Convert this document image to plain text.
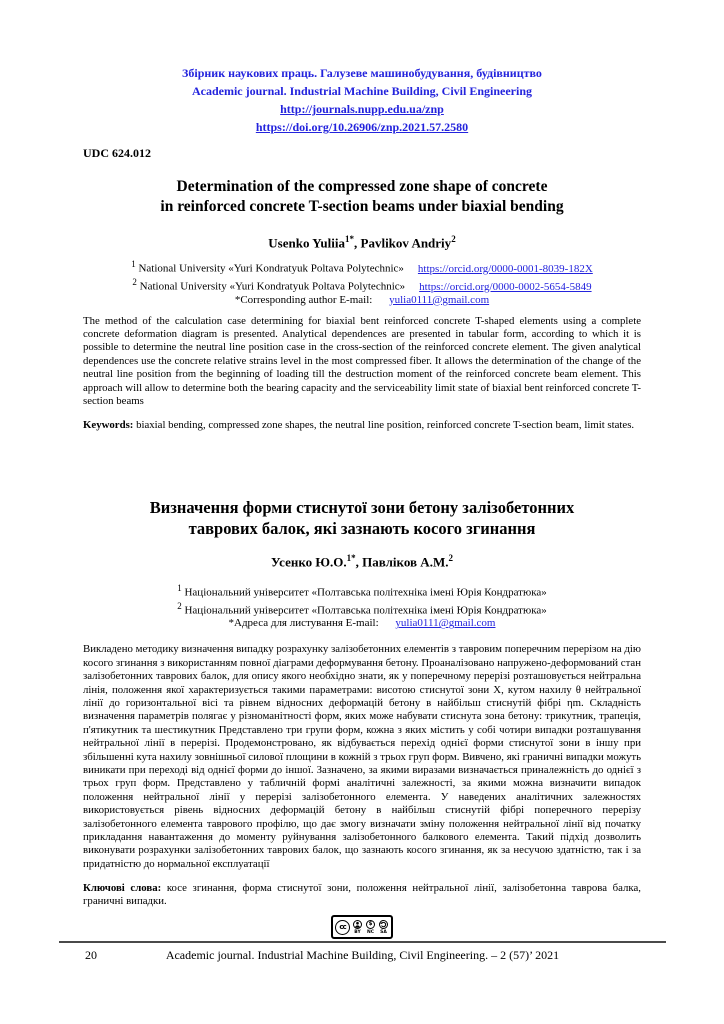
Збірник наукових праць. Галузеве машинобудування, будівництво
Academic journal. Industrial Machine Building, Civil Engineering
http://journals.nupp.edu.ua/znp
https://doi.org/10.26906/znp.2021.57.2580
UDC 624.012
Determination of the compressed zone shape of concrete
in reinforced concrete T-section beams under biaxial bending
Usenko Yuliia$^{1*}$, Pavlikov Andriy$^2$
$^1$ National University «Yuri Kondratyuk Poltava Polytechnic» https://orcid.org/0000-0001-8039-182X
$^2$ National University «Yuri Kondratyuk Poltava Polytechnic» https://orcid.org/0000-0002-5654-5849
*Corresponding author E-mail: yulia0111@gmail.com

The method of the calculation case determining for biaxial bent reinforced concrete T-shaped elements using a complete concrete deformation diagram is presented. Analytical dependences are presented in tabular form, according to which it is possible to determine the neutral line position case in the cross-section of the reinforced concrete element. The given analytical dependences use the concrete relative strains level in the most compressed fiber. It allows the determination of the change of the neutral line position from the beginning of loading till the destruction moment of the reinforced concrete beam element. This approach will allow to determine both the bearing capacity and the serviceability limit state of biaxial bent reinforced concrete T-section beams

Keywords: biaxial bending, compressed zone shapes, the neutral line position, reinforced concrete T-section beam, limit states.

Визначення форми стиснутої зони бетону залізобетонних
таврових балок, які зазнають косого згинання
Усенко Ю.О.$^{1*}$, Павліков А.М.$^2$
$^1$ Національний університет «Полтавська політехніка імені Юрія Кондратюка»
$^2$ Національний університет «Полтавська політехніка імені Юрія Кондратюка»
*Адреса для листування E-mail: yulia0111@gmail.com

Викладено методику визначення випадку розрахунку залізобетонних елементів з тавровим поперечним перерізом на дію косого згинання з використанням повної діаграми деформування бетону. Проаналізовано напружено-деформований стан залізобетонних таврових балок, для опису якого необхідно знати, як у поперечному перерізі розташовується нейтральна лінія, положення якої характеризується такими параметрами: висотою стиснутої зони X, кутом нахилу θ нейтральної лінії до горизонтальної вісі та рівнем відносних деформацій бетону в найбільш стиснутій фібрі ηm. Складність визначення параметрів полягає у різноманітності форм, яких може набувати стиснута зона бетону: трикутник, трапеція, п'ятикутник та шестикутник Представлено три групи форм, кожна з яких містить у собі чотири випадки розташування нейтральної лінії в перерізі. Продемонстровано, як відбувається перехід однієї форми стиснутої зони в іншу при збільшенні кута нахилу зовнішньої силової площини в кожній з трьох груп форм. Вивчено, які граничні випадки можуть виникати при переході від однієї форми до іншої. Зазначено, за якими виразами визначається приналежність до однієї з трьох груп форм. Представлено у табличній формі аналітичні залежності, за якими можна визначити випадок положення нейтральної лінії у перерізі залізобетонного елемента. У наведених аналітичних залежностях використовується рівень відносних деформацій бетону в найбільш стиснутій фібрі поперечного перерізу залізобетонного елемента таврового профілю, що дає змогу визначати зміну положення нейтральної лінії від початку прикладання навантаження до моменту руйнування залізобетонного балкового елемента. Такий підхід дозволить виконувати розрахунки залізобетонних таврових балок, що зазнають косого згинання, як за несучою здатністю, так і за придатністю до нормальної експлуатації

Ключові слова: косе згинання, форма стиснутої зони, положення нейтральної лінії, залізобетонна таврова балка, граничні випадки.

cc
BY
$
NC SA
20	Academic journal. Industrial Machine Building, Civil Engineering. – 2 (57)’ 2021
